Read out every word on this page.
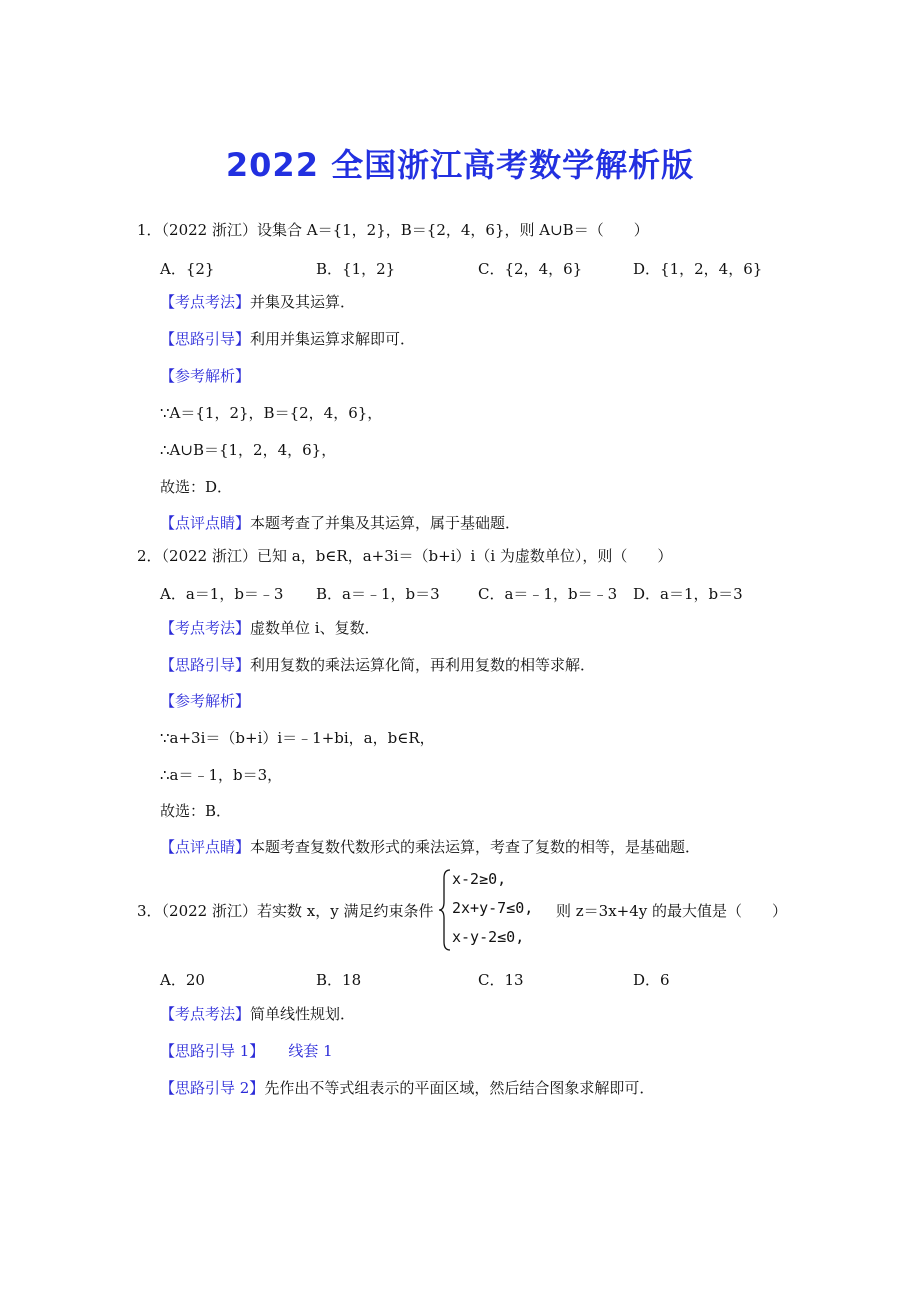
2022 全国浙江高考数学解析版
1．（2022 浙江）设集合 A＝{1，2}，B＝{2，4，6}，则 A∪B＝（　　）
A．{2}	B．{1，2}	C．{2，4，6}	D．{1，2，4，6}
【考点考法】并集及其运算．
【思路引导】利用并集运算求解即可．
【参考解析】
∵A＝{1，2}，B＝{2，4，6}，
∴A∪B＝{1，2，4，6}，
故选：D．
【点评点睛】本题考查了并集及其运算，属于基础题．
2．（2022 浙江）已知 a，b∈R，a+3i＝（b+i）i（i 为虚数单位），则（　　）
A．a＝1，b＝﹣3 B．a＝﹣1，b＝3	C．a＝﹣1，b＝﹣3 D．a＝1，b＝3
【考点考法】虚数单位 i、复数．
【思路引导】利用复数的乘法运算化简，再利用复数的相等求解．
【参考解析】
∵a+3i＝（b+i）i＝﹣1+bi，a，b∈R，
∴a＝﹣1，b＝3，
故选：B．
【点评点睛】本题考查复数代数形式的乘法运算，考查了复数的相等，是基础题．
3．（2022 浙江）若实数 x，y 满足约束条件
x-2≥0,
2x+y-7≤0,
x-y-2≤0,
则 z＝3x+4y 的最大值是（　　）
A．20	B．18	C．13	D．6
【考点考法】简单线性规划．
【思路引导 1】 线套 1
【思路引导 2】先作出不等式组表示的平面区域，然后结合图象求解即可．
